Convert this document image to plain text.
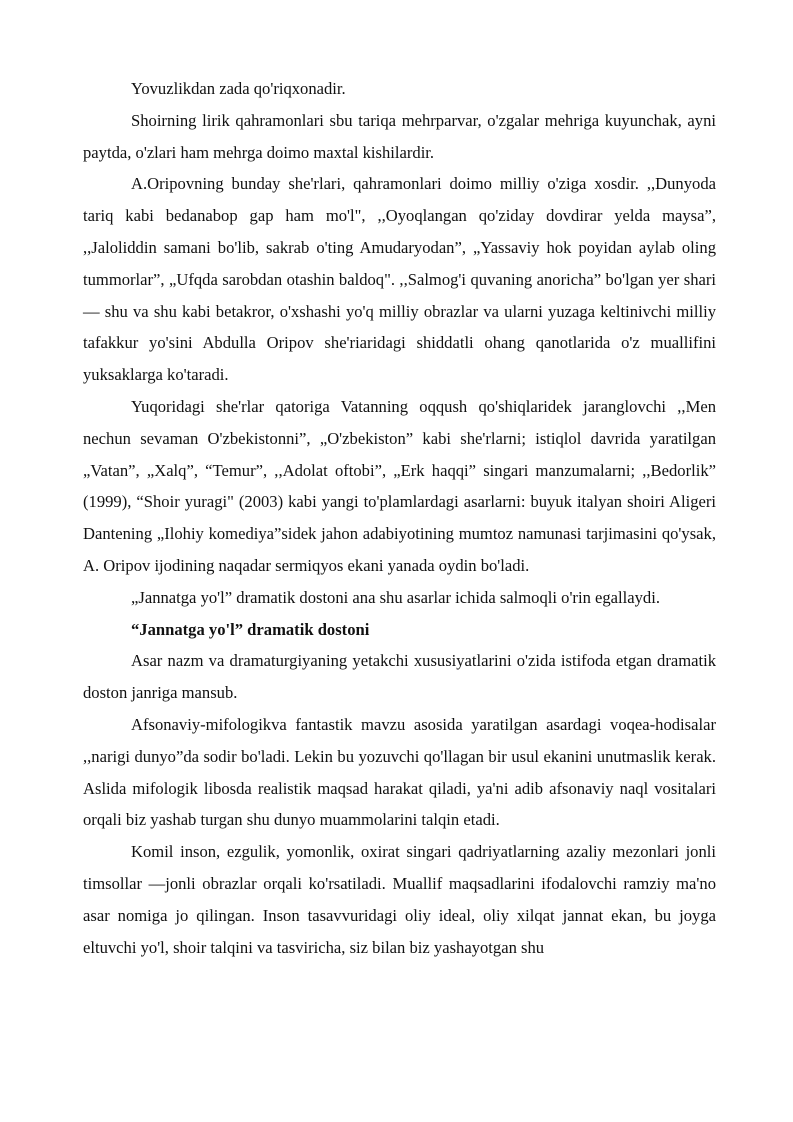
Yovuzlikdan zada qo'riqxonadir.

Shoirning lirik qahramonlari sbu tariqa mehrparvar, o'zgalar mehriga kuyunchak, ayni paytda, o'zlari ham mehrga doimo maxtal kishilardir.

A.Oripovning bunday she'rlari, qahramonlari doimo milliy o'ziga xosdir. ,,Dunyoda tariq kabi bedanabop gap ham mo'l", ,,Oyoqlangan qo'ziday dovdirar yelda maysa”, ,,Jaloliddin samani bo'lib, sakrab o'ting Amudaryodan”, „Yassaviy hok poyidan aylab oling tummorlar”, „Ufqda sarobdan otashin baldoq". ,,Salmog'i quvaning anoricha” bo'lgan yer shari — shu va shu kabi betakror, o'xshashi yo'q milliy obrazlar va ularni yuzaga keltinivchi milliy tafakkur yo'sini Abdulla Oripov she'riaridagi shiddatli ohang qanotlarida o'z muallifini yuksaklarga ko'taradi.

Yuqoridagi she'rlar qatoriga Vatanning oqqush qo'shiqlaridek jaranglovchi ,,Men nechun sevaman O'zbekistonni”, „O'zbekiston” kabi she'rlarni; istiqlol davrida yaratilgan „Vatan”, „Xalq”, “Temur”, ,,Adolat oftobi”, „Erk haqqi” singari manzumalarni; ,,Bedorlik” (1999), “Shoir yuragi" (2003) kabi yangi to'plamlardagi asarlarni: buyuk italyan shoiri Aligeri Dantening „Ilohiy komediya”sidek jahon adabiyotining mumtoz namunasi tarjimasini qo'ysak, A. Oripov ijodining naqadar sermiqyos ekani yanada oydin bo'ladi.

„Jannatga yo'l” dramatik dostoni ana shu asarlar ichida salmoqli o'rin egallaydi.

“Jannatga yo'l” dramatik dostoni

Asar nazm va dramaturgiyaning yetakchi xususiyatlarini o'zida istifoda etgan dramatik doston janriga mansub.

Afsonaviy-mifologikva fantastik mavzu asosida yaratilgan asardagi voqea-hodisalar ,,narigi dunyo”da sodir bo'ladi. Lekin bu yozuvchi qo'llagan bir usul ekanini unutmaslik kerak. Aslida mifologik libosda realistik maqsad harakat qiladi, ya'ni adib afsonaviy naql vositalari orqali biz yashab turgan shu dunyo muammolarini talqin etadi.

Komil inson, ezgulik, yomonlik, oxirat singari qadriyatlarning azaliy mezonlari jonli timsollar —jonli obrazlar orqali ko'rsatiladi. Muallif maqsadlarini ifodalovchi ramziy ma'no asar nomiga jo qilingan. Inson tasavvuridagi oliy ideal, oliy xilqat jannat ekan, bu joyga eltuvchi yo'l, shoir talqini va tasviricha, siz bilan biz yashayotgan shu
